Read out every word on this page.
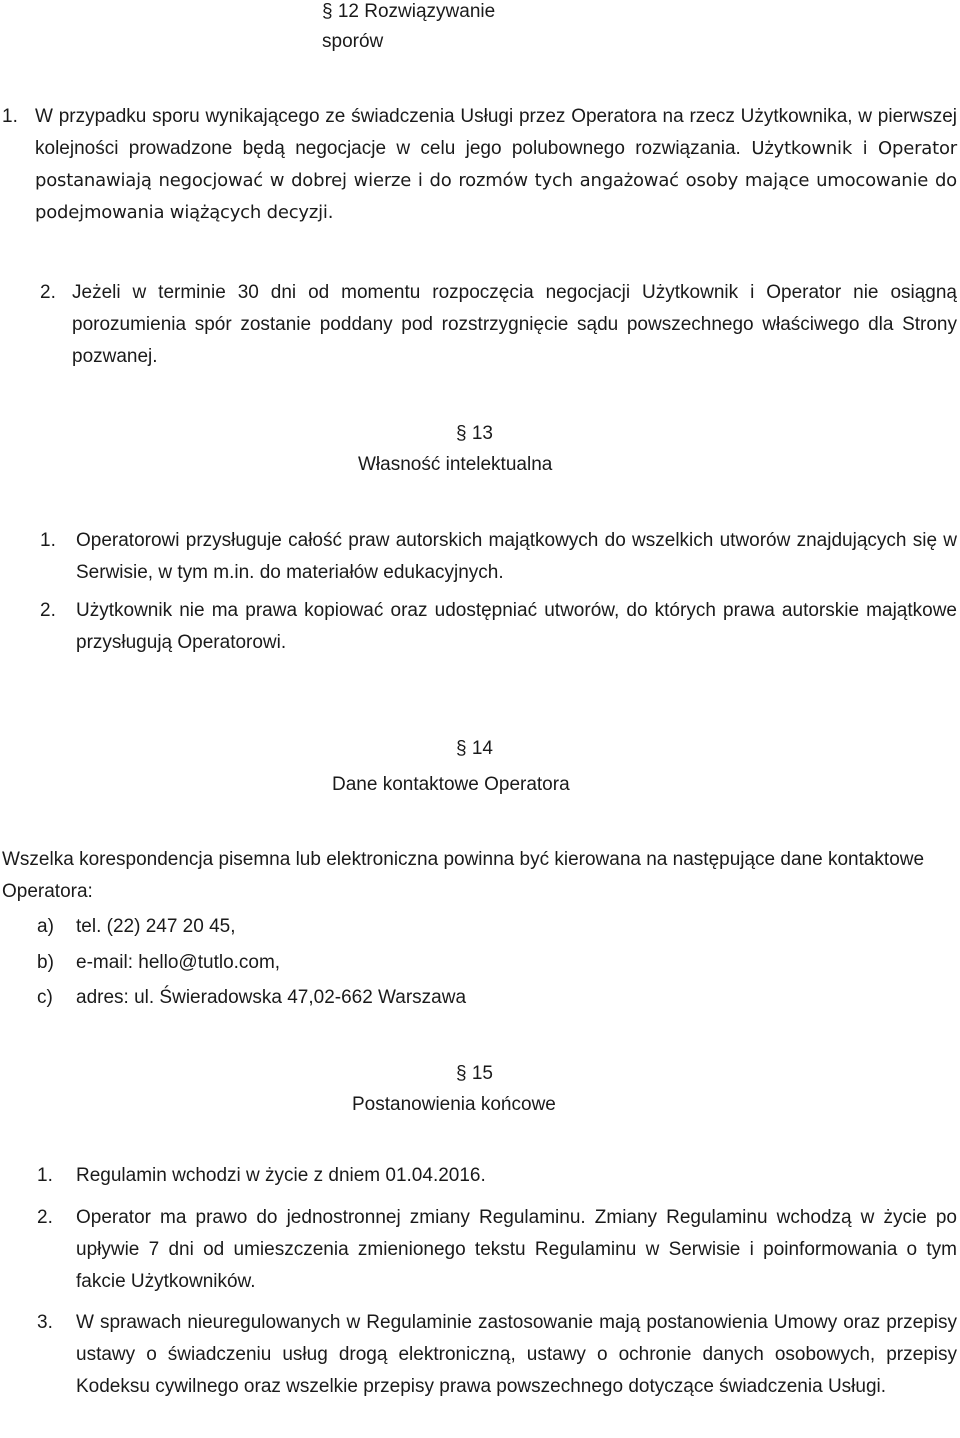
§ 12 Rozwiązywanie
sporów
1. W przypadku sporu wynikającego ze świadczenia Usługi przez Operatora na rzecz Użytkownika, w pierwszej kolejności prowadzone będą negocjacje w celu jego polubownego rozwiązania. Użytkownik i Operator postanawiają negocjować w dobrej wierze i do rozmów tych angażować osoby mające umocowanie do podejmowania wiążących decyzji.
2. Jeżeli w terminie 30 dni od momentu rozpoczęcia negocjacji Użytkownik i Operator nie osiągną porozumienia spór zostanie poddany pod rozstrzygnięcie sądu powszechnego właściwego dla Strony pozwanej.
§ 13
Własność intelektualna
1. Operatorowi przysługuje całość praw autorskich majątkowych do wszelkich utworów znajdujących się w Serwisie, w tym m.in. do materiałów edukacyjnych.
2. Użytkownik nie ma prawa kopiować oraz udostępniać utworów, do których prawa autorskie majątkowe przysługują Operatorowi.
§ 14
Dane kontaktowe Operatora
Wszelka korespondencja pisemna lub elektroniczna powinna być kierowana na następujące dane kontaktowe Operatora:
a) tel. (22) 247 20 45,
b) e-mail: hello@tutlo.com,
c) adres: ul. Świeradowska 47,02-662 Warszawa
§ 15
Postanowienia końcowe
1. Regulamin wchodzi w życie z dniem 01.04.2016.
2. Operator ma prawo do jednostronnej zmiany Regulaminu. Zmiany Regulaminu wchodzą w życie po upływie 7 dni od umieszczenia zmienionego tekstu Regulaminu w Serwisie i poinformowania o tym fakcie Użytkowników.
3. W sprawach nieuregulowanych w Regulaminie zastosowanie mają postanowienia Umowy oraz przepisy ustawy o świadczeniu usług drogą elektroniczną, ustawy o ochronie danych osobowych, przepisy Kodeksu cywilnego oraz wszelkie przepisy prawa powszechnego dotyczące świadczenia Usługi.
